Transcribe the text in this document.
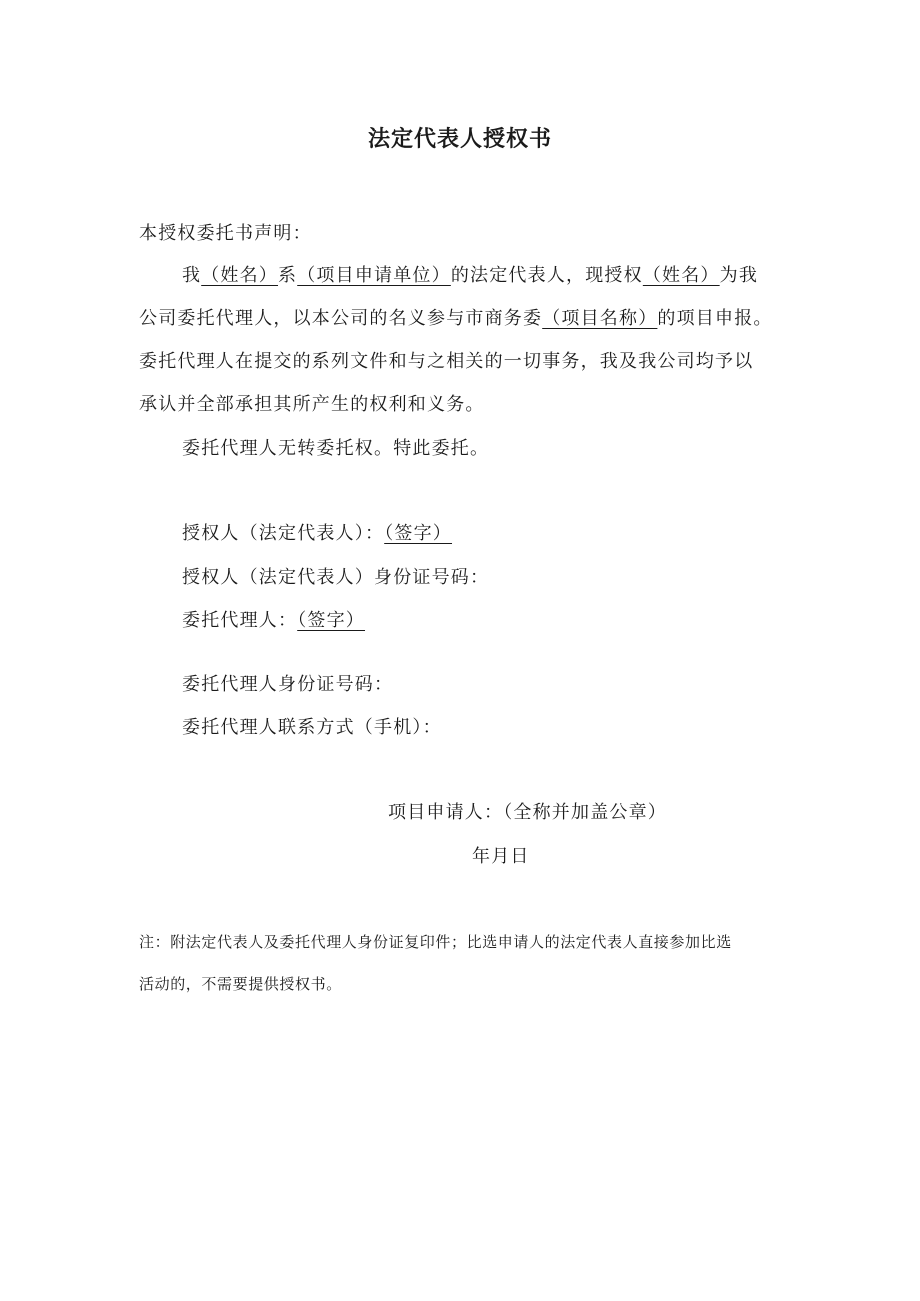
法定代表人授权书
本授权委托书声明：
我（姓名）系（项目申请单位）的法定代表人，现授权（姓名）为我
公司委托代理人，以本公司的名义参与市商务委（项目名称）的项目申报。
委托代理人在提交的系列文件和与之相关的一切事务，我及我公司均予以
承认并全部承担其所产生的权利和义务。
委托代理人无转委托权。特此委托。
授权人（法定代表人）：（签字）
授权人（法定代表人）身份证号码：
委托代理人：（签字）
委托代理人身份证号码：
委托代理人联系方式（手机）：
项目申请人：（全称并加盖公章）
年月日
注：附法定代表人及委托代理人身份证复印件；比选申请人的法定代表人直接参加比选
活动的，不需要提供授权书。
